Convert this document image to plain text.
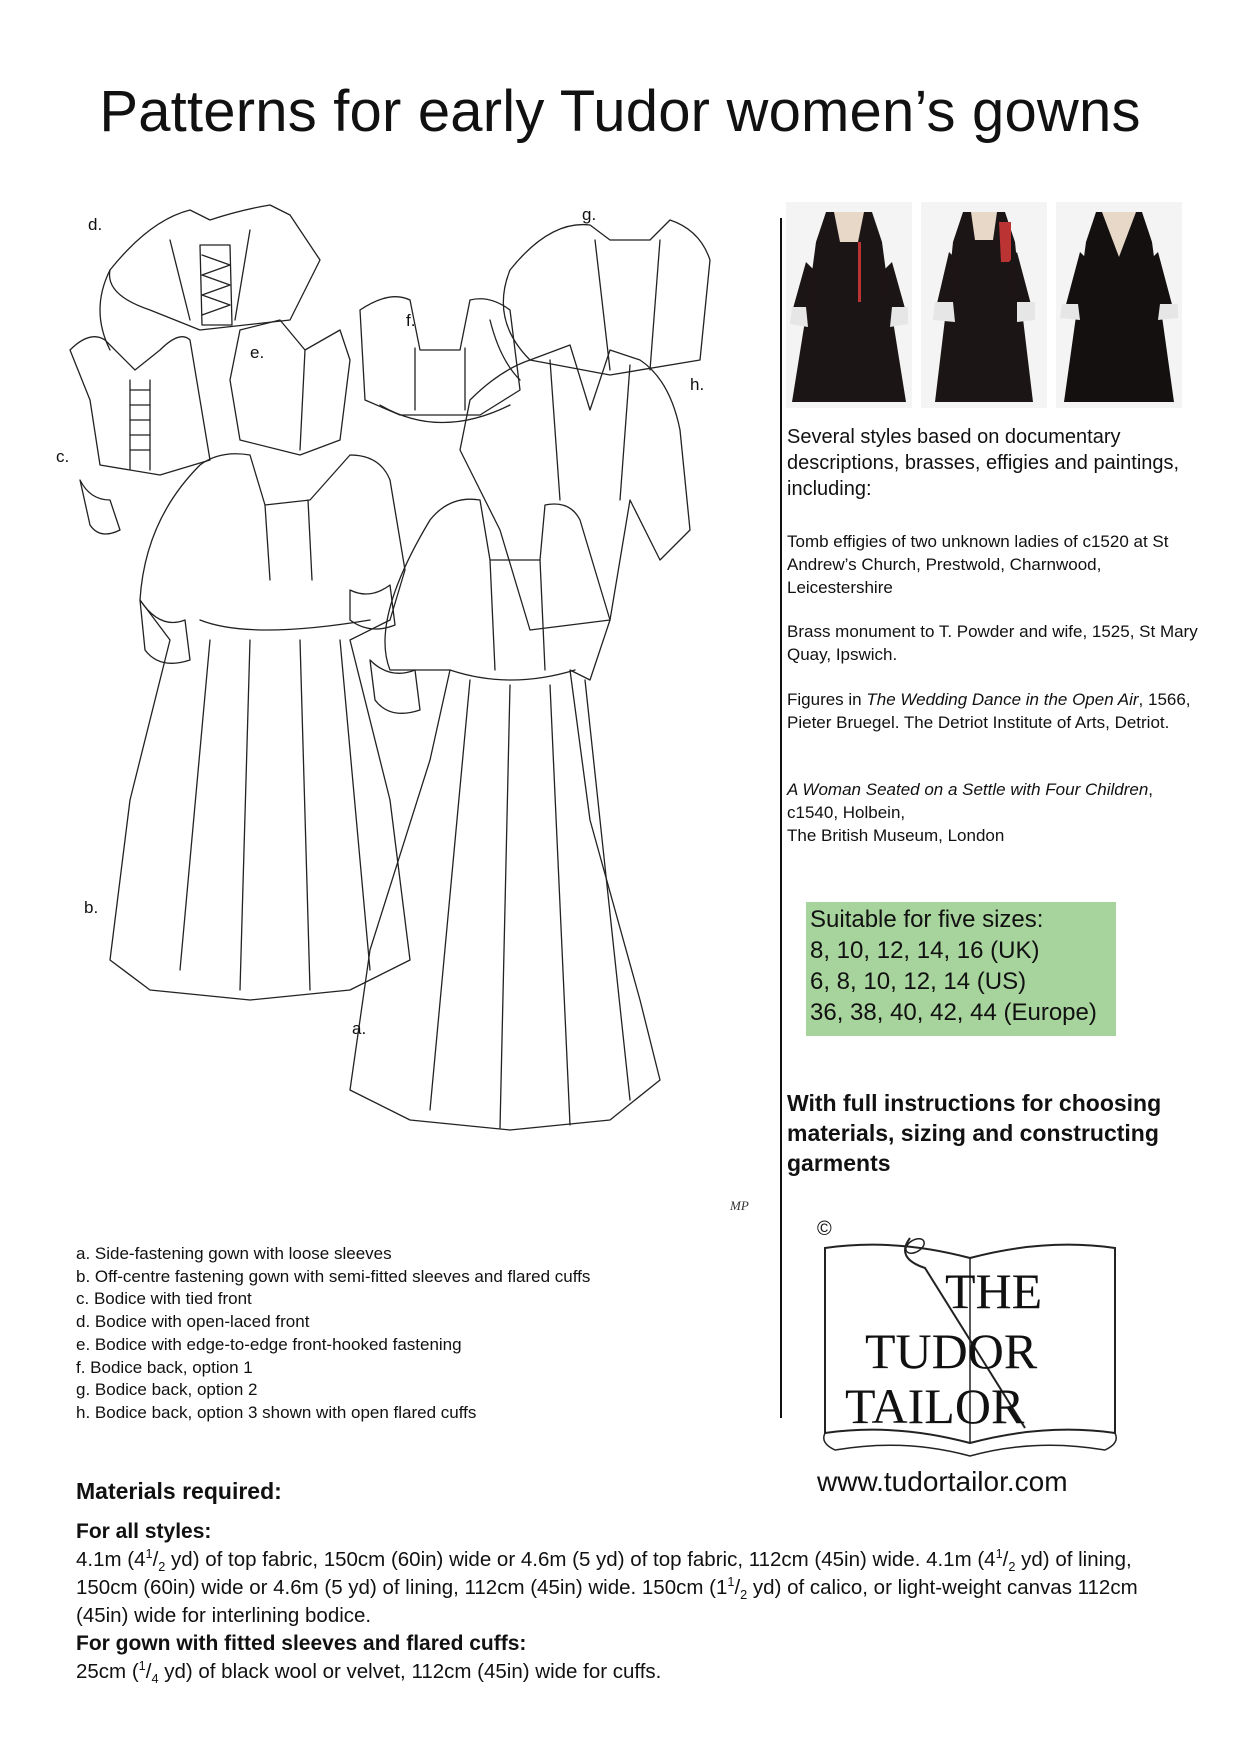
Patterns for early Tudor women’s gowns
d.
g.
f.
e.
h.
c.
b.
a.
MP
Several styles based on documentary descriptions, brasses, effigies and paintings, including:
Tomb effigies of two unknown ladies of c1520 at St Andrew’s Church, Prestwold, Charnwood, Leicestershire
Brass monument to T. Powder and wife, 1525, St Mary Quay, Ipswich.
Figures in The Wedding Dance in the Open Air, 1566, Pieter Bruegel. The Detriot Institute of Arts, Detriot.
A Woman Seated on a Settle with Four Children, c1540, Holbein,
The British Museum, London
Suitable for five sizes:
8, 10, 12, 14, 16 (UK)
6, 8, 10, 12, 14 (US)
36, 38, 40, 42, 44 (Europe)
With full instructions for choosing materials, sizing and constructing garments
©
THE
TUDOR
TAILOR
www.tudortailor.com
a. Side-fastening gown with loose sleeves
b. Off-centre fastening gown with semi-fitted sleeves and flared cuffs
c. Bodice with tied front
d. Bodice with open-laced front
e. Bodice with edge-to-edge front-hooked fastening
f. Bodice back, option 1
g. Bodice back, option 2
h. Bodice back, option 3 shown with open flared cuffs
Materials required:
For all styles:
4.1m ($4^1/_2$ yd) of top fabric, 150cm (60in) wide or 4.6m (5 yd) of top fabric, 112cm (45in) wide. 4.1m ($4^1/_2$ yd) of lining, 150cm (60in) wide or 4.6m (5 yd) of lining, 112cm (45in) wide. 150cm ($1^1/_2$ yd) of calico, or light-weight canvas 112cm (45in) wide for interlining bodice.
For gown with fitted sleeves and flared cuffs:
25cm ($^1/_4$ yd) of black wool or velvet, 112cm (45in) wide for cuffs.
